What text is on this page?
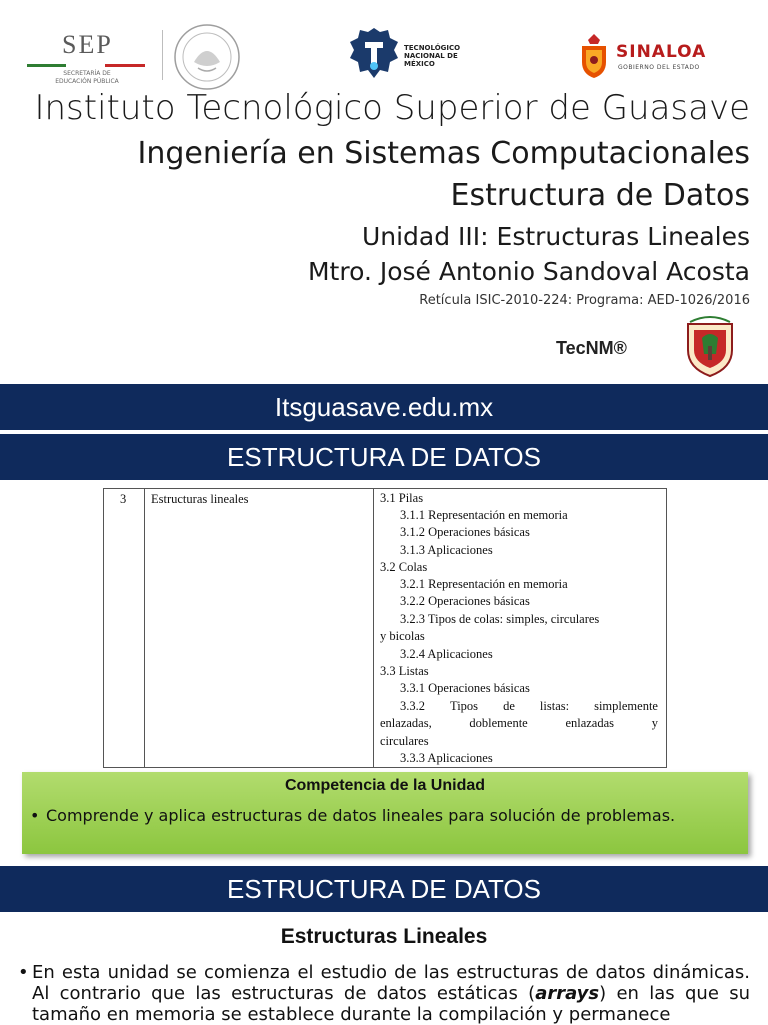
SEP
SECRETARÍA DE EDUCACIÓN PÚBLICA
TECNOLÓGICO NACIONAL DE MÉXICO
SINALOA
GOBIERNO DEL ESTADO
Instituto Tecnológico Superior de Guasave
Ingeniería en Sistemas Computacionales
Estructura de Datos
Unidad III: Estructuras Lineales
Mtro. José Antonio Sandoval Acosta
Retícula ISIC-2010-224: Programa: AED-1026/2016
TecNM®
Itsguasave.edu.mx
ESTRUCTURA DE DATOS
3 Estructuras lineales	3.1 Pilas
3.1.1 Representación en memoria
3.1.2 Operaciones básicas
3.1.3 Aplicaciones
3.2 Colas
3.2.1 Representación en memoria
3.2.2 Operaciones básicas
3.2.3 Tipos de colas: simples, circulares
y bicolas
3.2.4 Aplicaciones
3.3 Listas
3.3.1 Operaciones básicas
3.3.2 Tipos de listas: simplemente
enlazadas,	doblemente	enlazadas	y
circulares
3.3.3 Aplicaciones
Competencia de la Unidad
• Comprende y aplica estructuras de datos lineales para solución de problemas.
ESTRUCTURA DE DATOS
Estructuras Lineales
• En esta unidad se comienza el estudio de las estructuras de datos dinámicas. Al contrario que las estructuras de datos estáticas (arrays) en las que su tamaño en memoria se establece durante la compilación y permanece
